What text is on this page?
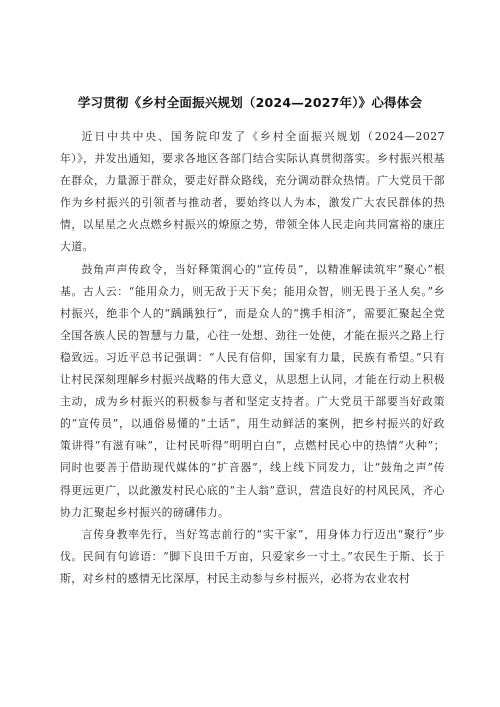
学习贯彻《乡村全面振兴规划（2024—2027年）》心得体会

近日中共中央、国务院印发了《乡村全面振兴规划（2024—2027年）》，并发出通知，要求各地区各部门结合实际认真贯彻落实。乡村振兴根基在群众，力量源于群众，要走好群众路线，充分调动群众热情。广大党员干部作为乡村振兴的引领者与推动者，要始终以人为本，激发广大农民群体的热情，以星星之火点燃乡村振兴的燎原之势，带领全体人民走向共同富裕的康庄大道。

鼓角声声传政令，当好释策润心的“宣传员”，以精准解读筑牢“聚心”根基。古人云：“能用众力，则无敌于天下矣；能用众智，则无畏于圣人矣。”乡村振兴，绝非个人的“踽踽独行”，而是众人的“携手相济”，需要汇聚起全党全国各族人民的智慧与力量，心往一处想、劲往一处使，才能在振兴之路上行稳致远。习近平总书记强调：“人民有信仰，国家有力量，民族有希望。”只有让村民深刻理解乡村振兴战略的伟大意义，从思想上认同，才能在行动上积极主动，成为乡村振兴的积极参与者和坚定支持者。广大党员干部要当好政策的“宣传员”，以通俗易懂的“土话”，用生动鲜活的案例，把乡村振兴的好政策讲得“有滋有味”，让村民听得“明明白白”，点燃村民心中的热情“火种”；同时也要善于借助现代媒体的“扩音器”，线上线下同发力，让“鼓角之声”传得更远更广，以此激发村民心底的“主人翁”意识，营造良好的村风民风，齐心协力汇聚起乡村振兴的磅礴伟力。

言传身教率先行，当好笃志前行的“实干家”，用身体力行迈出“聚行”步伐。民间有句谚语：“脚下良田千万亩，只爱家乡一寸土。”农民生于斯、长于斯，对乡村的感情无比深厚，村民主动参与乡村振兴，必将为农业农村
